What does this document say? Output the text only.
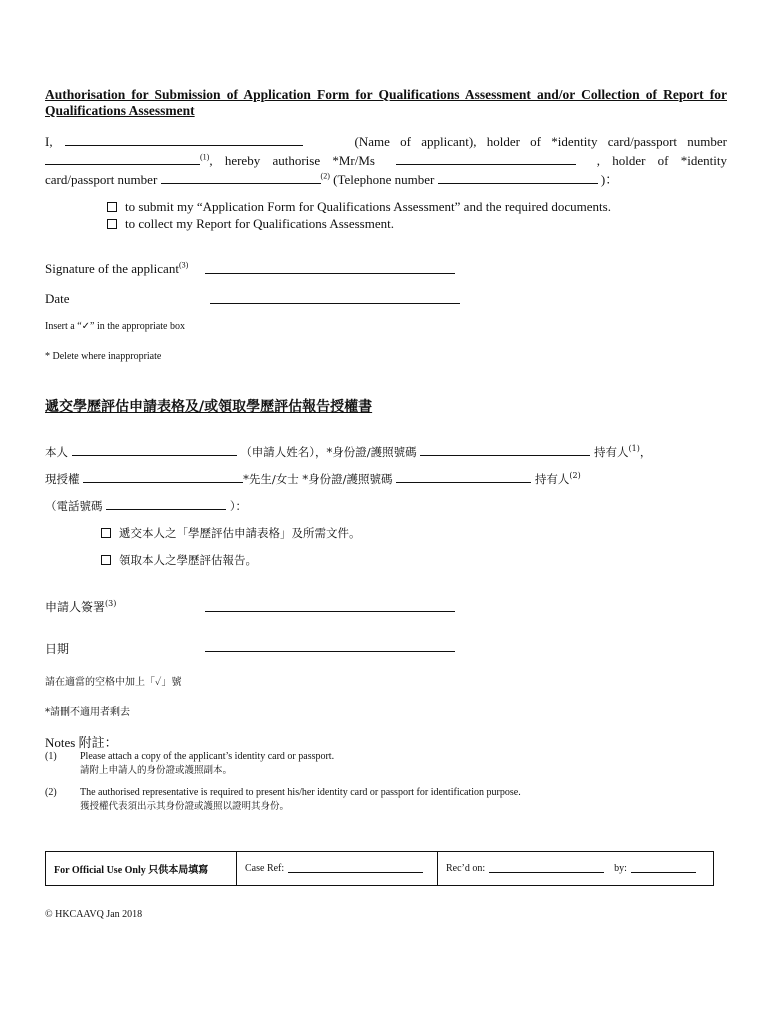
Authorisation for Submission of Application Form for Qualifications Assessment and/or Collection of Report for Qualifications Assessment
I,	(Name of applicant), holder of *identity card/passport number
$^{(1)}$, hereby authorise *Mr/Ms	, holder of *identity
card/passport number	$^{(2)}$ (Telephone number	)：
to submit my “Application Form for Qualifications Assessment” and the required documents.
to collect my Report for Qualifications Assessment.
Signature of the applicant$^{(3)}$
Date
Insert a “✓” in the appropriate box
* Delete where inappropriate
遞交學歷評估申請表格及/或領取學歷評估報告授權書
本人	（申請人姓名），*身份證/護照號碼	持有人$^{(1)}$，
現授權	*先生/女士 *身份證/護照號碼	持有人$^{(2)}$
（電話號碼	）：
遞交本人之「學歷評估申請表格」及所需文件。
領取本人之學歷評估報告。
申請人簽署$^{(3)}$
日期
請在適當的空格中加上「✓」號
*請刪不適用者剩去
Notes 附註：
(1)	Please attach a copy of the applicant’s identity card or passport.
請附上申請人的身份證或護照副本。
(2)	The authorised representative is required to present his/her identity card or passport for identification purpose.
獲授權代表須出示其身份證或護照以證明其身份。
For Official Use Only 只供本局填寫	Case Ref:	Rec’d on:	by:
© HKCAAVQ Jan 2018
